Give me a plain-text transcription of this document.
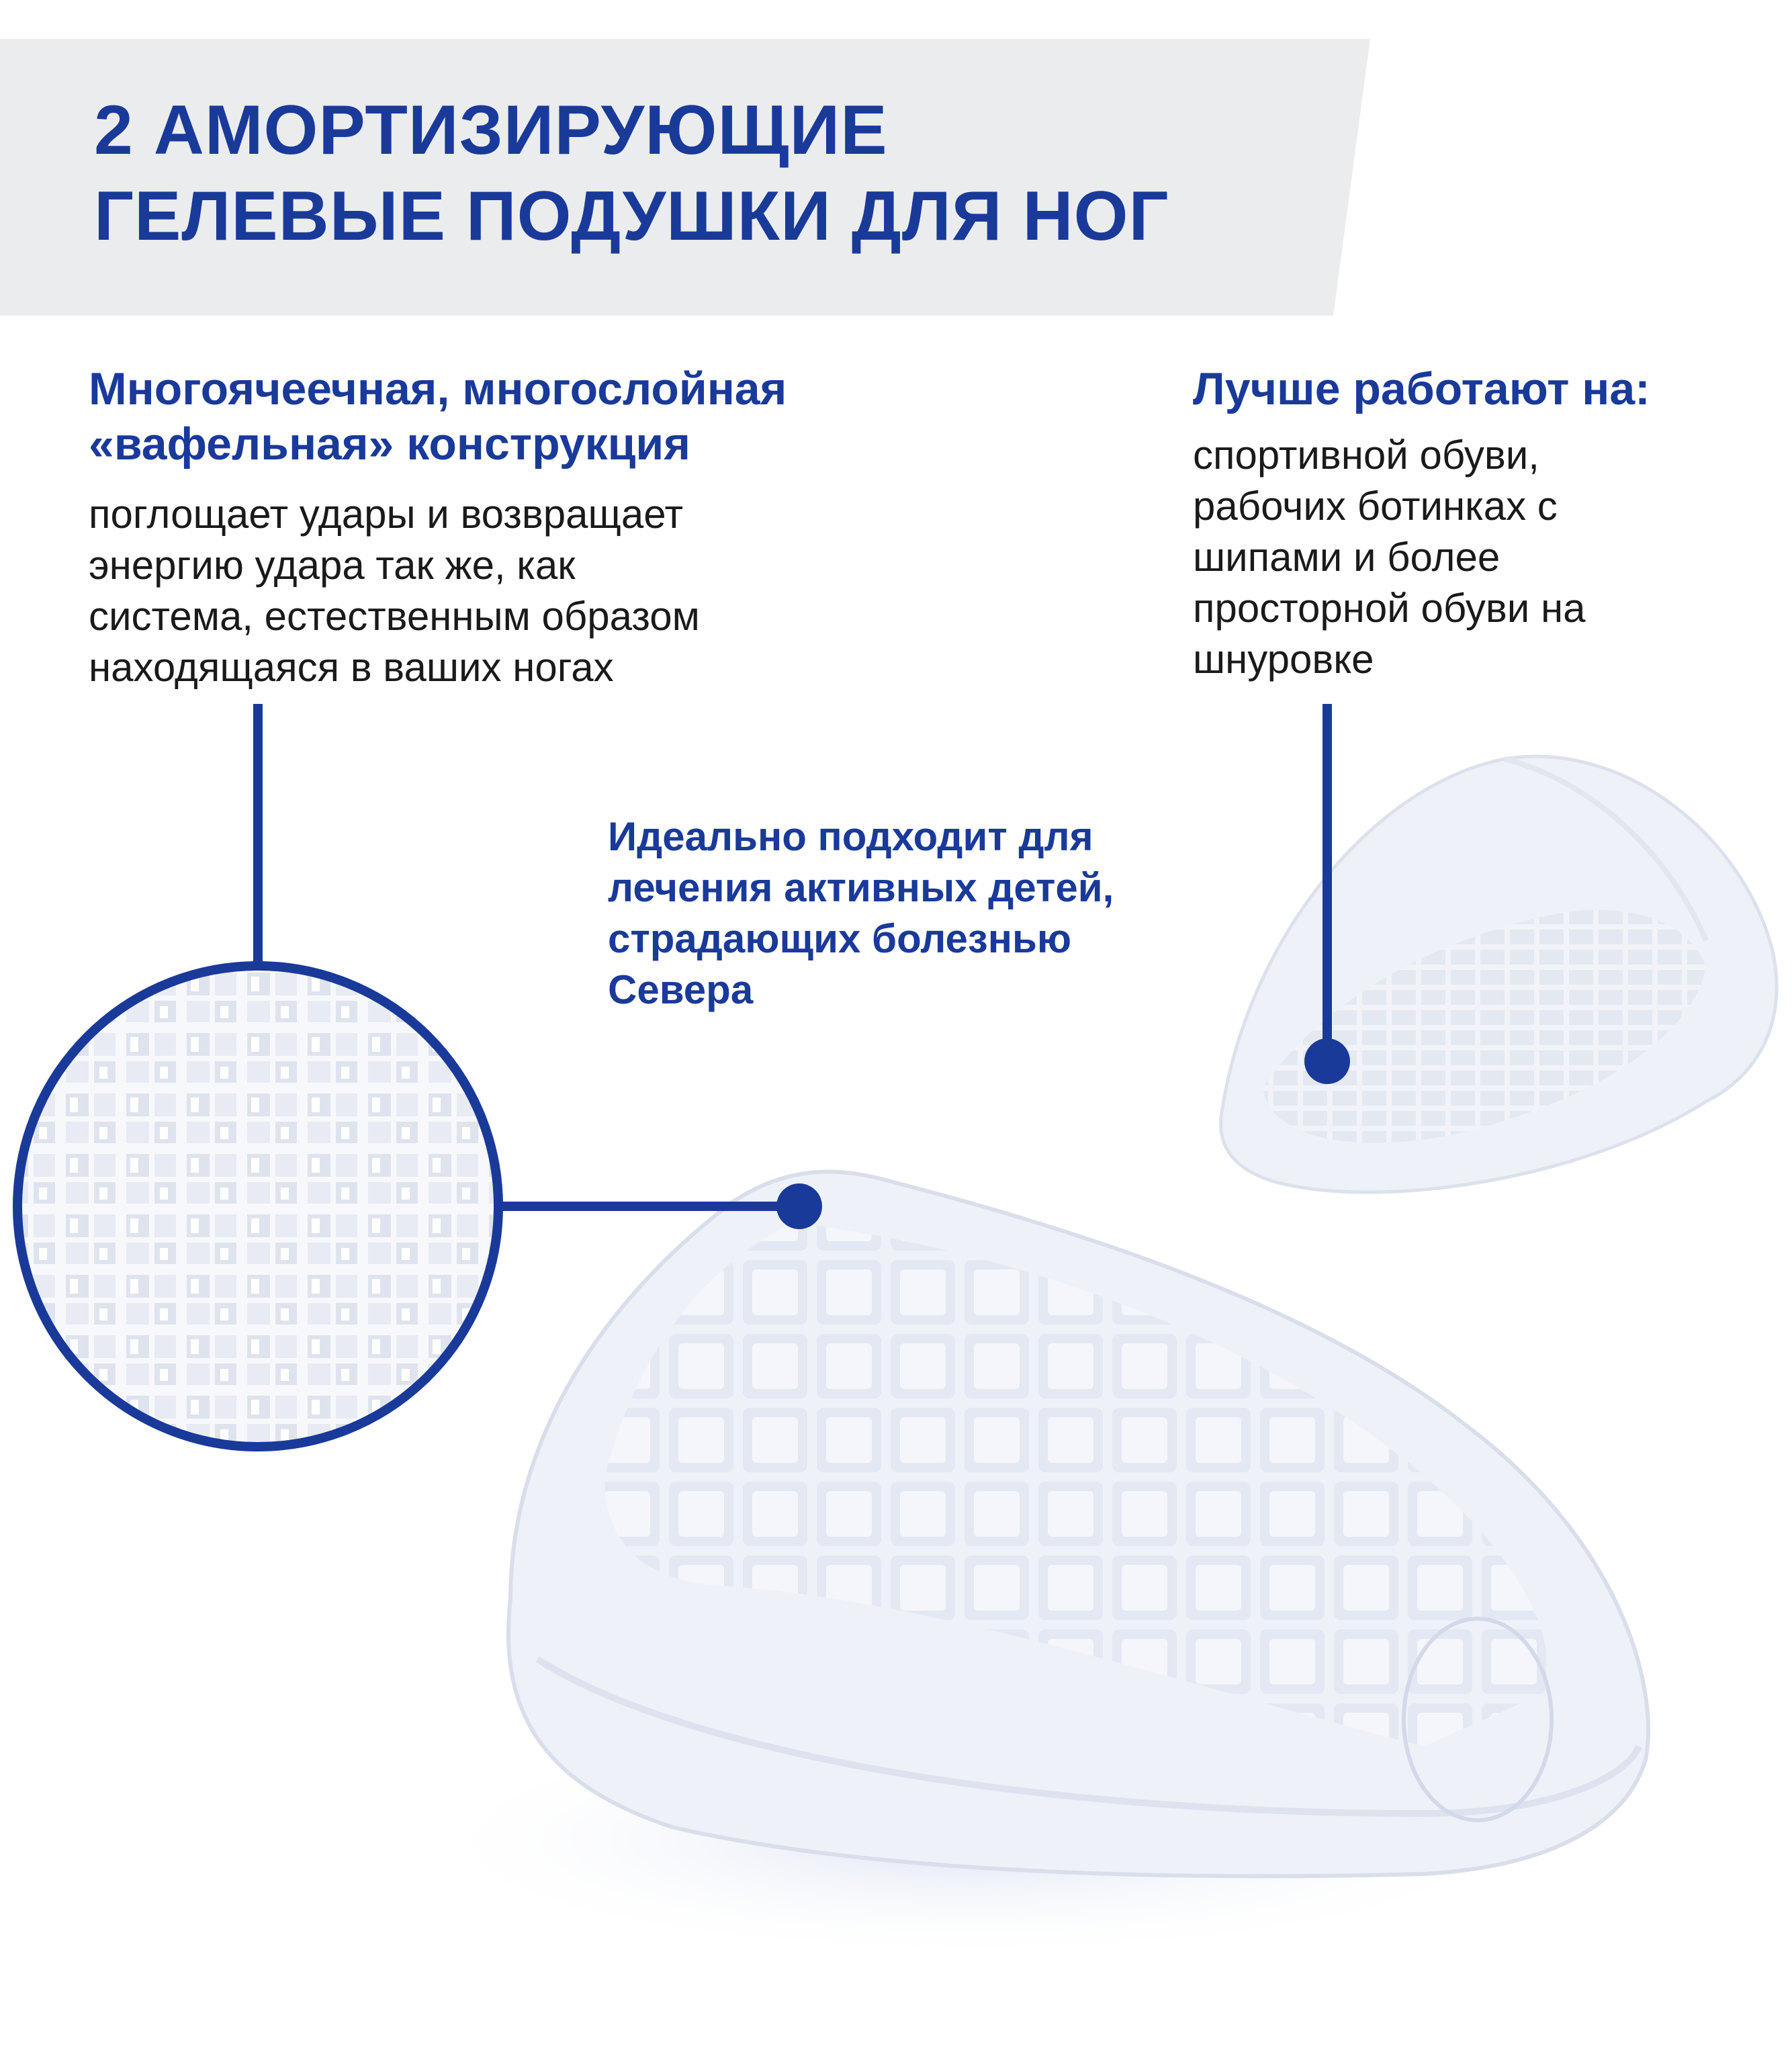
2 АМОРТИЗИРУЮЩИЕ
ГЕЛЕВЫЕ ПОДУШКИ ДЛЯ НОГ
Многоячеечная, многослойная
«вафельная» конструкция

поглощает удары и возвращает
энергию удара так же, как
система, естественным образом
находящаяся в ваших ногах

Лучше работают на:

спортивной обуви,
рабочих ботинках с
шипами и более
просторной обуви на
шнуровке

Идеально подходит для
лечения активных детей,
страдающих болезнью
Севера
